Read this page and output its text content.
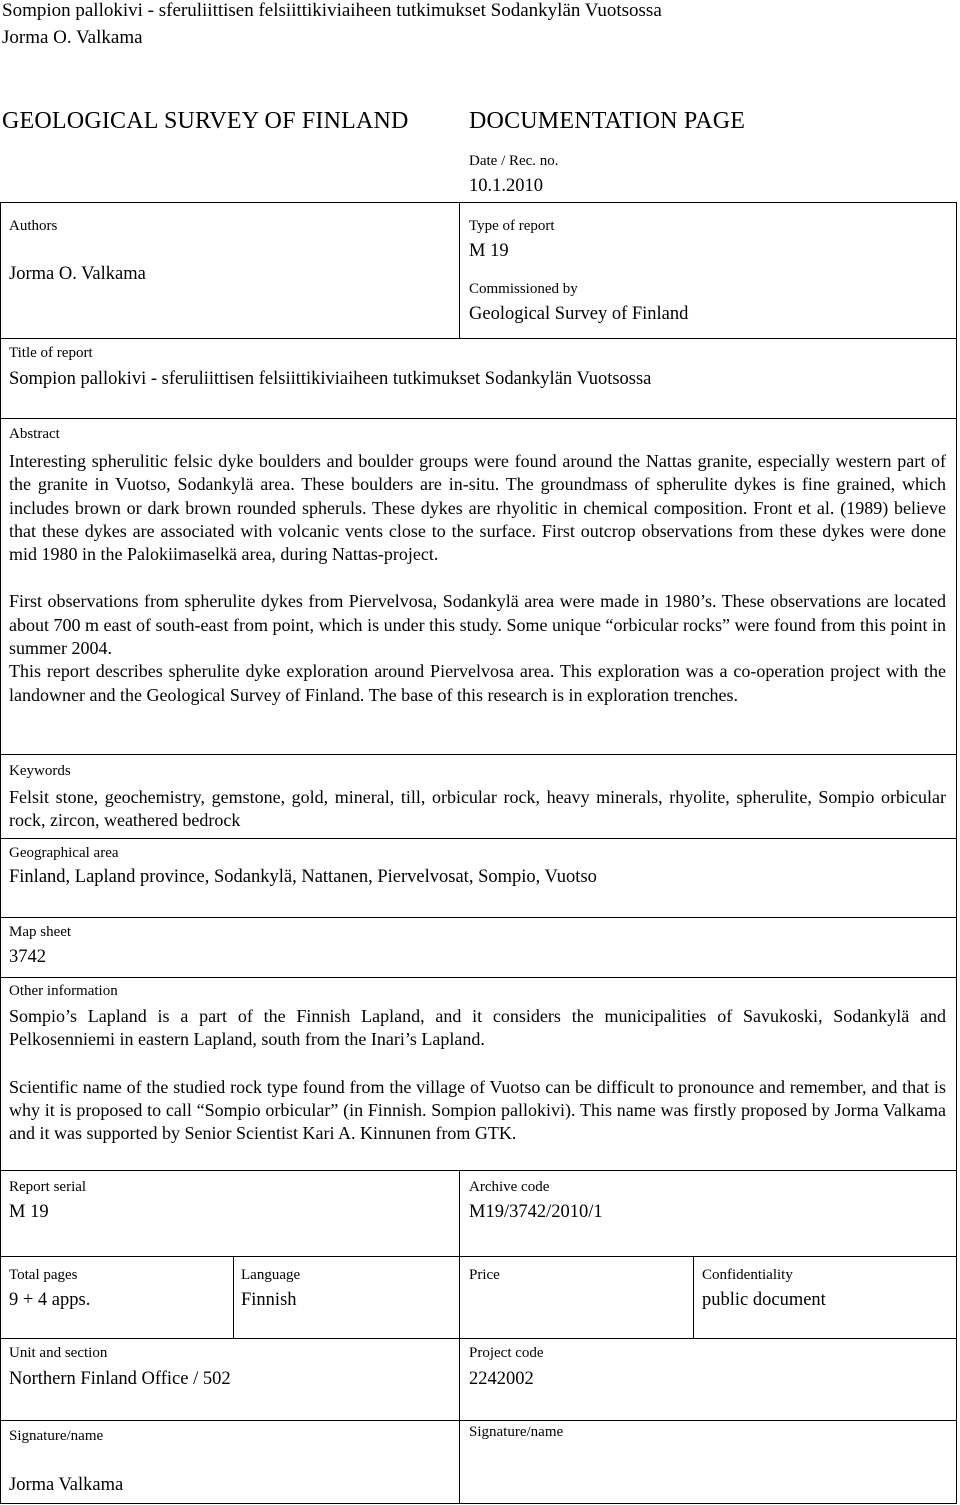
Sompion pallokivi - sferuliittisen felsiittikiviaiheen tutkimukset Sodankylän Vuotsossa
Jorma O. Valkama
GEOLOGICAL SURVEY OF FINLAND	DOCUMENTATION PAGE
Date / Rec. no.
10.1.2010
Authors
Jorma O. Valkama
Type of report
M 19
Commissioned by
Geological Survey of Finland
Title of report
Sompion pallokivi - sferuliittisen felsiittikiviaiheen tutkimukset Sodankylän Vuotsossa
Abstract

Interesting spherulitic felsic dyke boulders and boulder groups were found around the Nattas granite, especially western part of the granite in Vuotso, Sodankylä area. These boulders are in-situ. The groundmass of spherulite dykes is fine grained, which includes brown or dark brown rounded spheruls. These dykes are rhyolitic in chemical composition. Front et al. (1989) believe that these dykes are associated with volcanic vents close to the surface. First outcrop observations from these dykes were done mid 1980 in the Palokiimaselkä area, during Nattas-project.

First observations from spherulite dykes from Piervelvosa, Sodankylä area were made in 1980’s. These observations are located about 700 m east of south-east from point, which is under this study. Some unique “orbicular rocks” were found from this point in summer 2004.

This report describes spherulite dyke exploration around Piervelvosa area. This exploration was a co-operation project with the landowner and the Geological Survey of Finland. The base of this research is in exploration trenches.

Keywords
Felsit stone, geochemistry, gemstone, gold, mineral, till, orbicular rock, heavy minerals, rhyolite, spherulite, Sompio orbicular rock, zircon, weathered bedrock
Geographical area
Finland, Lapland province, Sodankylä, Nattanen, Piervelvosat, Sompio, Vuotso
Map sheet
3742
Other information

Sompio’s Lapland is a part of the Finnish Lapland, and it considers the municipalities of Savukoski, Sodankylä and Pelkosenniemi in eastern Lapland, south from the Inari’s Lapland.

Scientific name of the studied rock type found from the village of Vuotso can be difficult to pronounce and remember, and that is why it is proposed to call “Sompio orbicular” (in Finnish. Sompion pallokivi). This name was firstly proposed by Jorma Valkama and it was supported by Senior Scientist Kari A. Kinnunen from GTK.

Report serial
M 19
Archive code
M19/3742/2010/1
Total pages
9 + 4 apps.
Language
Finnish
Price	Confidentiality
public document
Unit and section
Northern Finland Office / 502
Project code
2242002
Signature/name
Jorma Valkama
Signature/name
